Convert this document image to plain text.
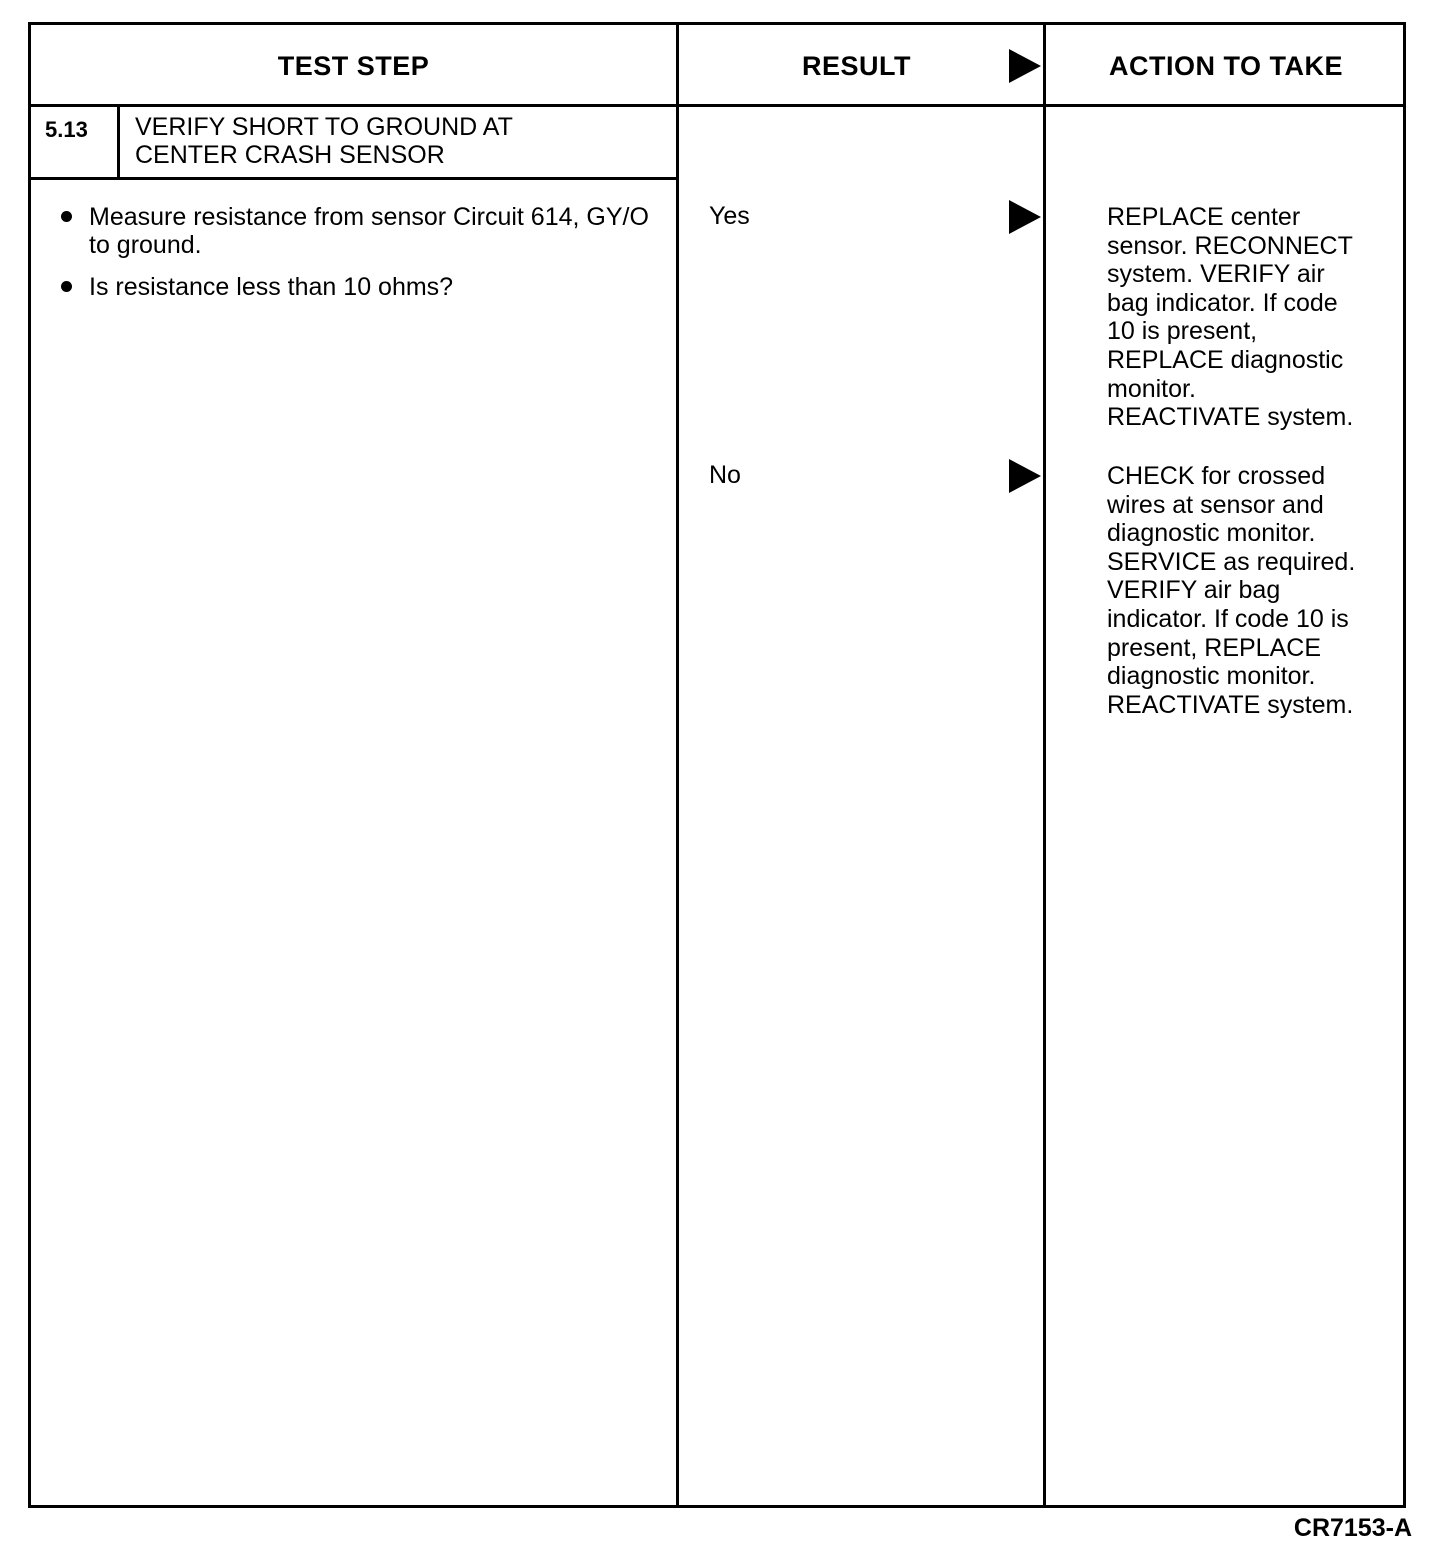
TEST STEP	RESULT	ACTION TO TAKE
5.13 VERIFY SHORT TO GROUND AT
CENTER CRASH SENSOR
Measure resistance from sensor Circuit 614, GY/O to ground.
Is resistance less than 10 ohms?
Yes
No
REPLACE center
sensor. RECONNECT
system. VERIFY air
bag indicator. If code
10 is present,
REPLACE diagnostic
monitor.
REACTIVATE system.
CHECK for crossed
wires at sensor and
diagnostic monitor.
SERVICE as required.
VERIFY air bag
indicator. If code 10 is
present, REPLACE
diagnostic monitor.
REACTIVATE system.
CR7153-A
